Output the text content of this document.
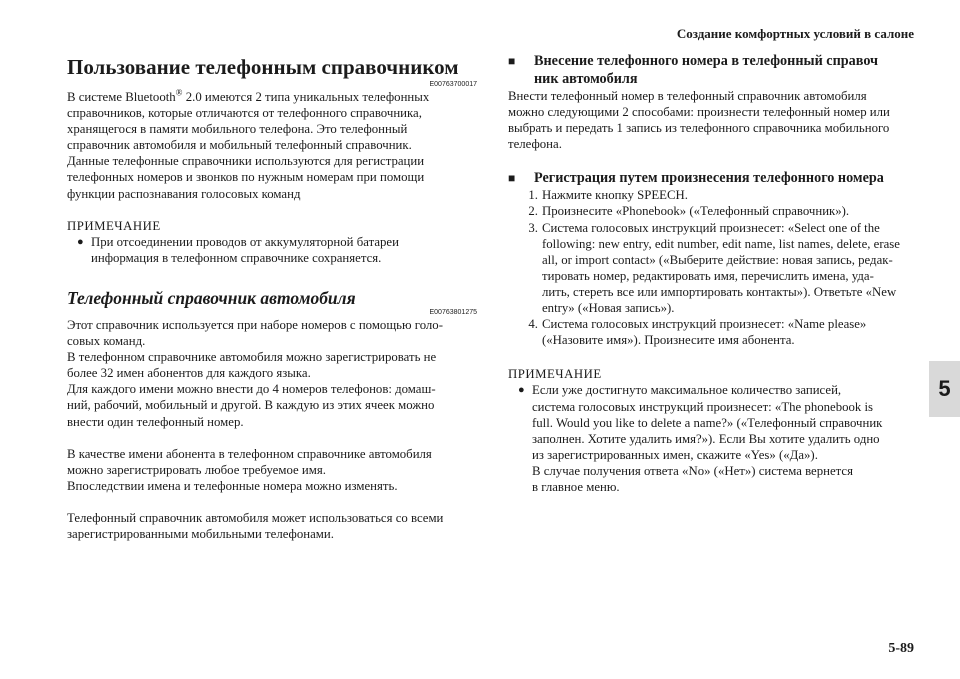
Создание комфортных условий в салоне
5
5-89
Пользование телефонным справочником
E00763700017
В системе Bluetooth® 2.0 имеются 2 типа уникальных телефонных
справочников, которые отличаются от телефонного справочника,
хранящегося в памяти мобильного телефона. Это телефонный
справочник автомобиля и мобильный телефонный справочник.
Данные телефонные справочники используются для регистрации
телефонных номеров и звонков по нужным номерам при помощи
функции распознавания голосовых команд
ПРИМЕЧАНИЕ
● При отсоединении проводов от аккумуляторной батареи
информация в телефонном справочнике сохраняется.
Телефонный справочник автомобиля
E00763801275
Этот справочник используется при наборе номеров с помощью голо-
совых команд.
В телефонном справочнике автомобиля можно зарегистрировать не
более 32 имен абонентов для каждого языка.
Для каждого имени можно внести до 4 номеров телефонов: домаш-
ний, рабочий, мобильный и другой. В каждую из этих ячеек можно
внести один телефонный номер.
В качестве имени абонента в телефонном справочнике автомобиля
можно зарегистрировать любое требуемое имя.
Впоследствии имена и телефонные номера можно изменять.
Телефонный справочник автомобиля может использоваться со всеми
зарегистрированными мобильными телефонами.
■	Внесение телефонного номера в телефонный справоч
ник автомобиля
Внести телефонный номер в телефонный справочник автомобиля
можно следующими 2 способами: произнести телефонный номер или
выбрать и передать 1 запись из телефонного справочника мобильного
телефона.
■	Регистрация путем произнесения телефонного номера
1. Нажмите кнопку SPEECH.
2. Произнесите «Phonebook» («Телефонный справочник»).
3. Система голосовых инструкций произнесет: «Select one of the
following: new entry, edit number, edit name, list names, delete, erase
all, or import contact» («Выберите действие: новая запись, редак-
тировать номер, редактировать имя, перечислить имена, уда-
лить, стереть все или импортировать контакты»). Ответьте «New
entry» («Новая запись»).
4. Система голосовых инструкций произнесет: «Name please»
(«Назовите имя»). Произнесите имя абонента.
ПРИМЕЧАНИЕ
● Если уже достигнуто максимальное количество записей,
система голосовых инструкций произнесет: «The phonebook is
full. Would you like to delete a name?» («Телефонный справочник
заполнен. Хотите удалить имя?»). Если Вы хотите удалить одно
из зарегистрированных имен, скажите «Yes» («Да»).
В случае получения ответа «No» («Нет») система вернется
в главное меню.
